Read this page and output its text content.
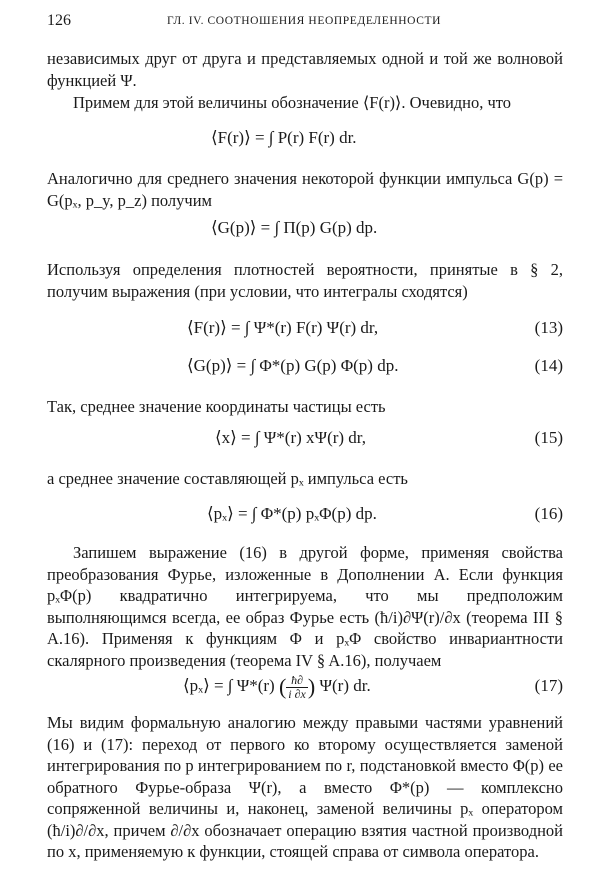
126	ГЛ. IV. СООТНОШЕНИЯ НЕОПРЕДЕЛЕННОСТИ

независимых друг от друга и представляемых одной и той же волновой функцией Ψ.

Примем для этой величины обозначение ⟨F(r)⟩. Очевидно, что

⟨F(r)⟩ = ∫ P(r) F(r) dr.

Аналогично для среднего значения некоторой функции импульса G(p) = G(pₓ, p_y, p_z) получим

⟨G(p)⟩ = ∫ Π(p) G(p) dp.

Используя определения плотностей вероятности, принятые в § 2, получим выражения (при условии, что интегралы сходятся)

⟨F(r)⟩ = ∫ Ψ*(r) F(r) Ψ(r) dr,	(13)
⟨G(p)⟩ = ∫ Φ*(p) G(p) Φ(p) dp.	(14)

Так, среднее значение координаты частицы есть

⟨x⟩ = ∫ Ψ*(r) xΨ(r) dr,	(15)

а среднее значение составляющей pₓ импульса есть

⟨pₓ⟩ = ∫ Φ*(p) pₓΦ(p) dp.	(16)

Запишем выражение (16) в другой форме, применяя свойства преобразования Фурье, изложенные в Дополнении А. Если функция pₓΦ(p) квадратично интегрируема, что мы предположим выполняющимся всегда, ее образ Фурье есть (ħ/i)∂Ψ(r)/∂x (теорема III § A.16). Применяя к функциям Φ и pₓΦ свойство инвариантности скалярного произведения (теорема IV § A.16), получаем

⟨pₓ⟩ = ∫ Ψ*(r) ( $\frac{ħ\partial}{i \partial x}$ ) Ψ(r) dr.	(17)

Мы видим формальную аналогию между правыми частями уравнений (16) и (17): переход от первого ко второму осуществляется заменой интегрирования по p интегрированием по r, подстановкой вместо Φ(p) ее обратного Фурье-образа Ψ(r), а вместо Φ*(p) — комплексно сопряженной величины и, наконец, заменой величины pₓ оператором (ħ/i)∂/∂x, причем ∂/∂x обозначает операцию взятия частной производной по x, применяемую к функции, стоящей справа от символа оператора.
